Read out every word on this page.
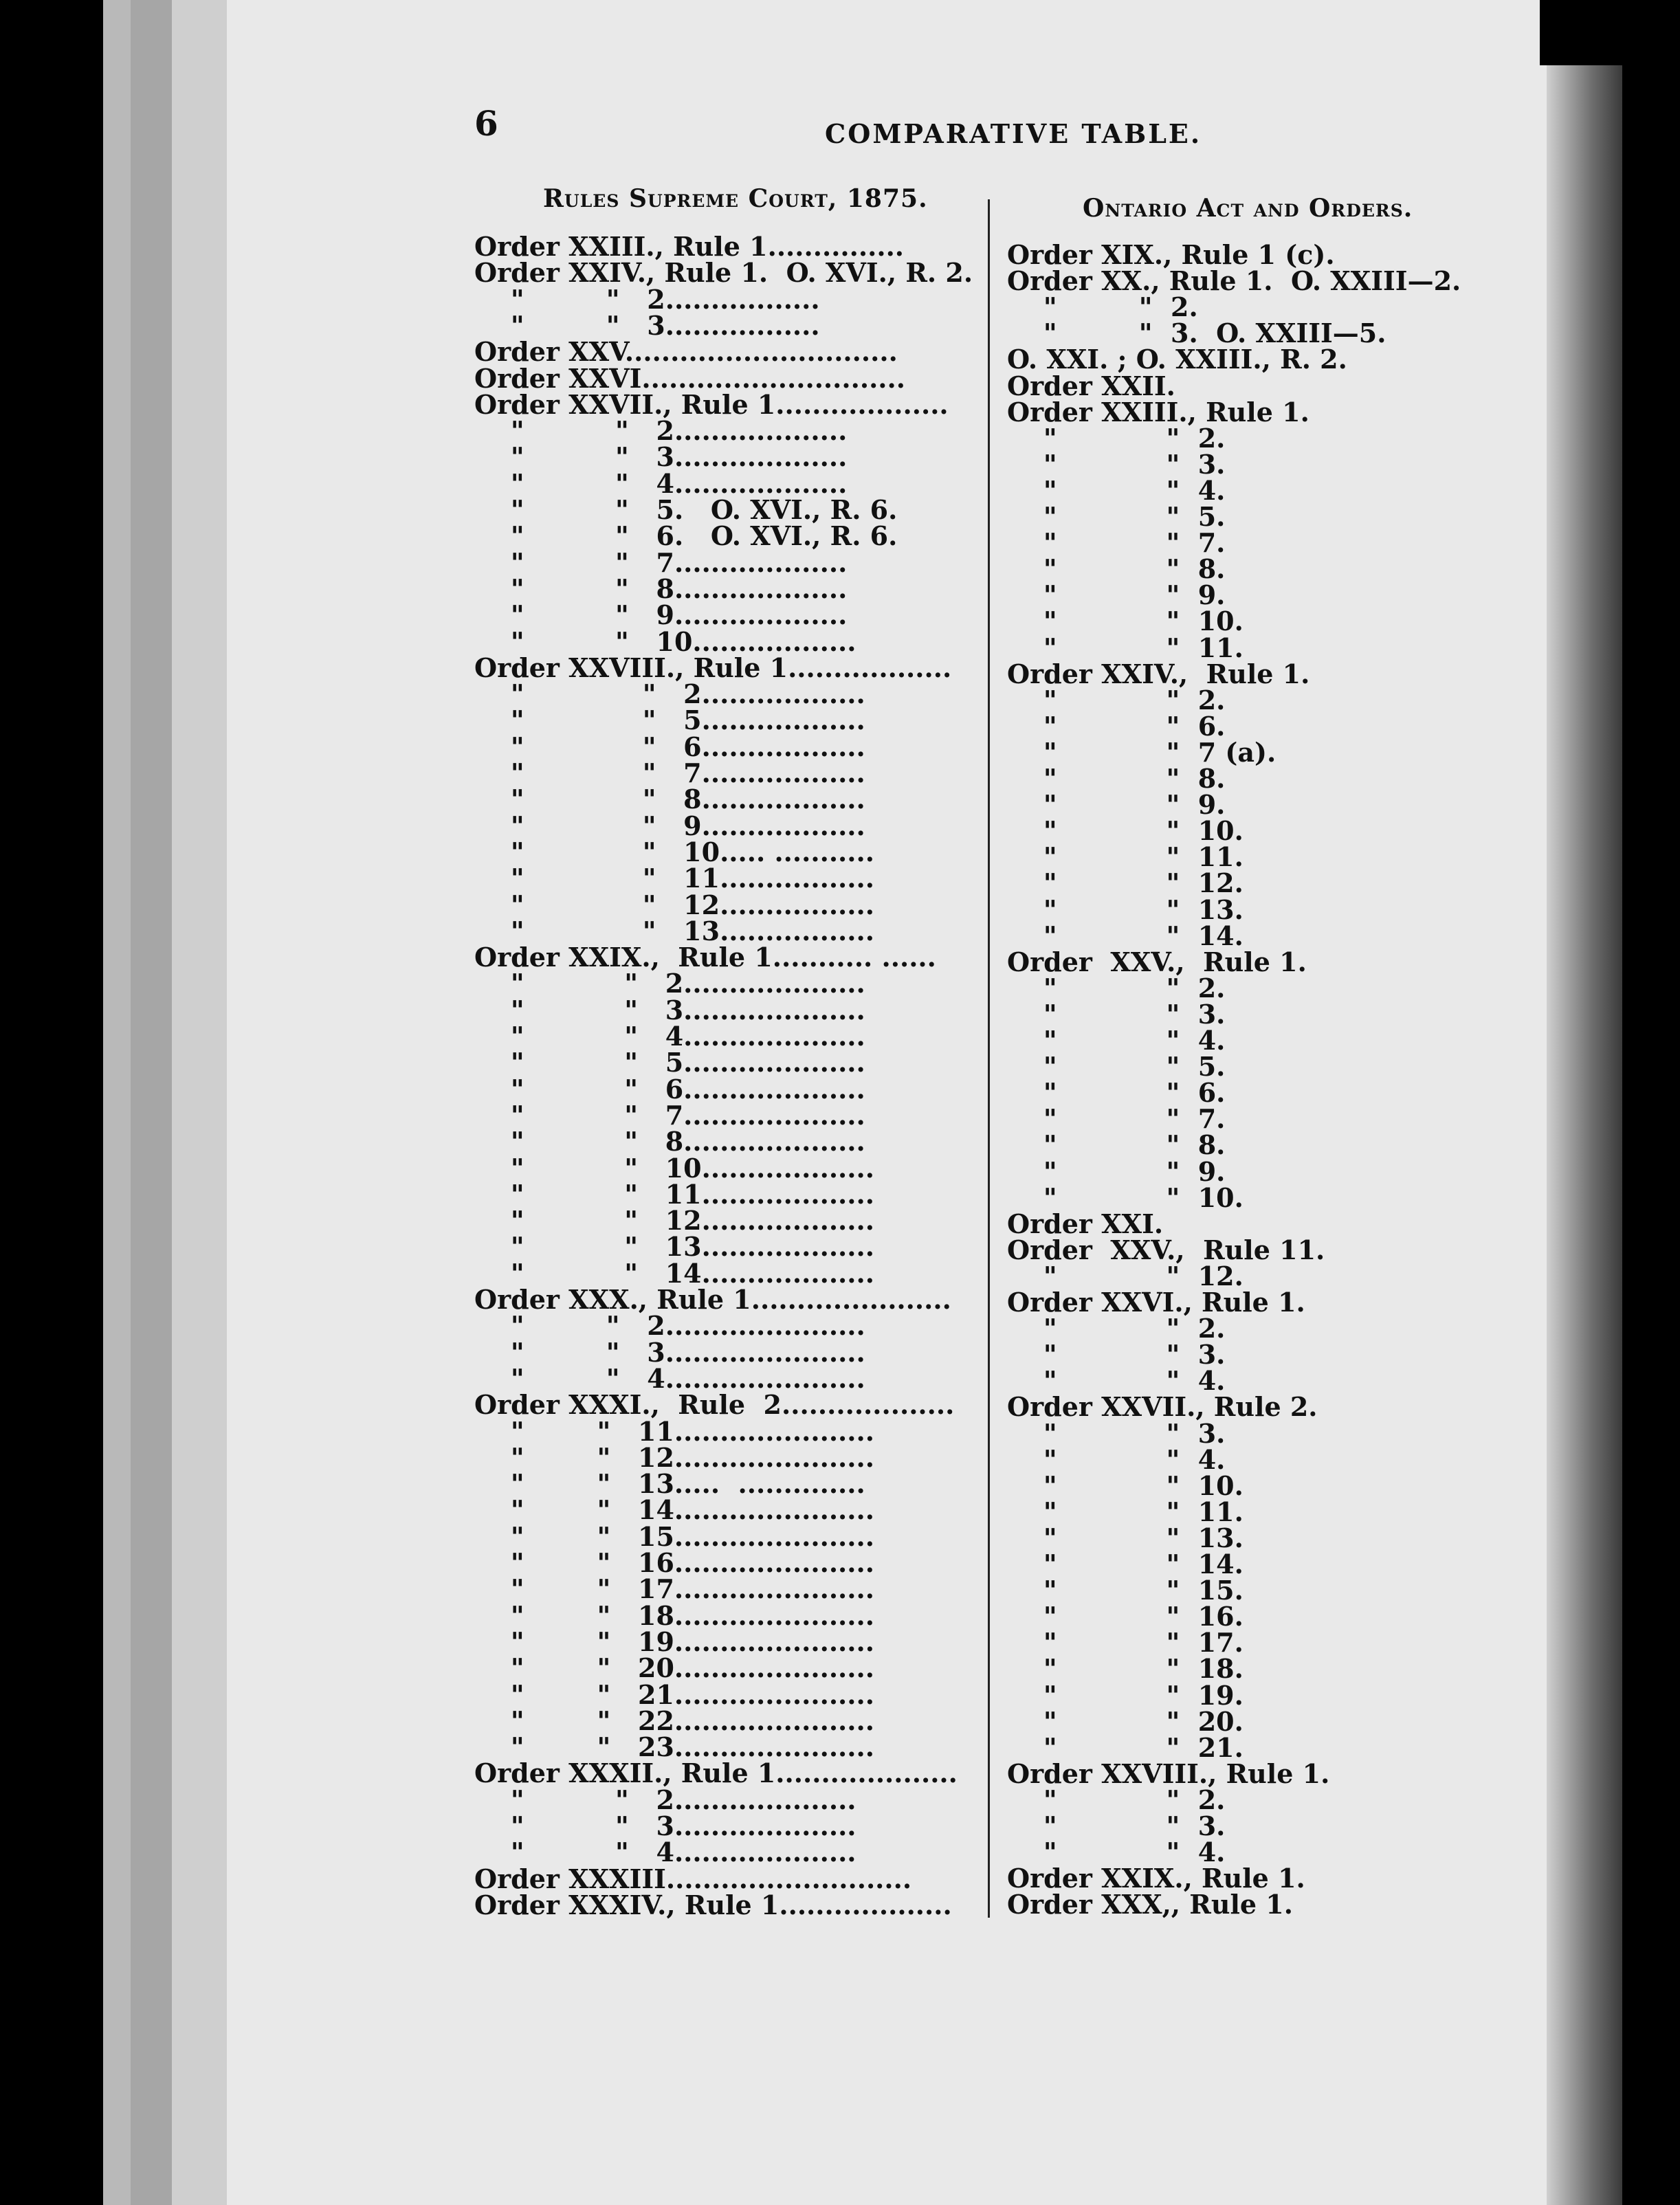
6	COMPARATIVE TABLE.
Rules Supreme Court, 1875.	Ontario Act and Orders.
Order XXIII., Rule 1...............
Order XXIV., Rule 1.  O. XVI., R. 2.
"         "   2.................
"         "   3.................
Order XXV..............................
Order XXVI.............................
Order XXVII., Rule 1...................
"          "   2...................
"          "   3...................
"          "   4...................
"          "   5.   O. XVI., R. 6.
"          "   6.   O. XVI., R. 6.
"          "   7...................
"          "   8...................
"          "   9...................
"          "   10..................
Order XXVIII., Rule 1..................
"             "   2..................
"             "   5..................
"             "   6..................
"             "   7..................
"             "   8..................
"             "   9..................
"             "   10..... ...........
"             "   11.................
"             "   12.................
"             "   13.................
Order XXIX.,  Rule 1........... ......
"           "   2....................
"           "   3....................
"           "   4....................
"           "   5....................
"           "   6....................
"           "   7....................
"           "   8....................
"           "   10...................
"           "   11...................
"           "   12...................
"           "   13...................
"           "   14...................
Order XXX., Rule 1......................
"         "   2......................
"         "   3......................
"         "   4......................
Order XXXI.,  Rule  2...................
"        "   11......................
"        "   12......................
"        "   13.....  ..............
"        "   14......................
"        "   15......................
"        "   16......................
"        "   17......................
"        "   18......................
"        "   19......................
"        "   20......................
"        "   21......................
"        "   22......................
"        "   23......................
Order XXXII., Rule 1....................
"          "   2....................
"          "   3....................
"          "   4....................
Order XXXIII...........................
Order XXXIV., Rule 1...................
Order XIX., Rule 1 (c).
Order XX., Rule 1.  O. XXIII—2.
"         "  2.
"         "  3.  O. XXIII—5.
O. XXI. ; O. XXIII., R. 2.
Order XXII.
Order XXIII., Rule 1.
"            "  2.
"            "  3.
"            "  4.
"            "  5.
"            "  7.
"            "  8.
"            "  9.
"            "  10.
"            "  11.
Order XXIV.,  Rule 1.
"            "  2.
"            "  6.
"            "  7 (a).
"            "  8.
"            "  9.
"            "  10.
"            "  11.
"            "  12.
"            "  13.
"            "  14.
Order  XXV.,  Rule 1.
"            "  2.
"            "  3.
"            "  4.
"            "  5.
"            "  6.
"            "  7.
"            "  8.
"            "  9.
"            "  10.
Order XXI.
Order  XXV.,  Rule 11.
"            "  12.
Order XXVI., Rule 1.
"            "  2.
"            "  3.
"            "  4.
Order XXVII., Rule 2.
"            "  3.
"            "  4.
"            "  10.
"            "  11.
"            "  13.
"            "  14.
"            "  15.
"            "  16.
"            "  17.
"            "  18.
"            "  19.
"            "  20.
"            "  21.
Order XXVIII., Rule 1.
"            "  2.
"            "  3.
"            "  4.
Order XXIX., Rule 1.
Order XXX,, Rule 1.
